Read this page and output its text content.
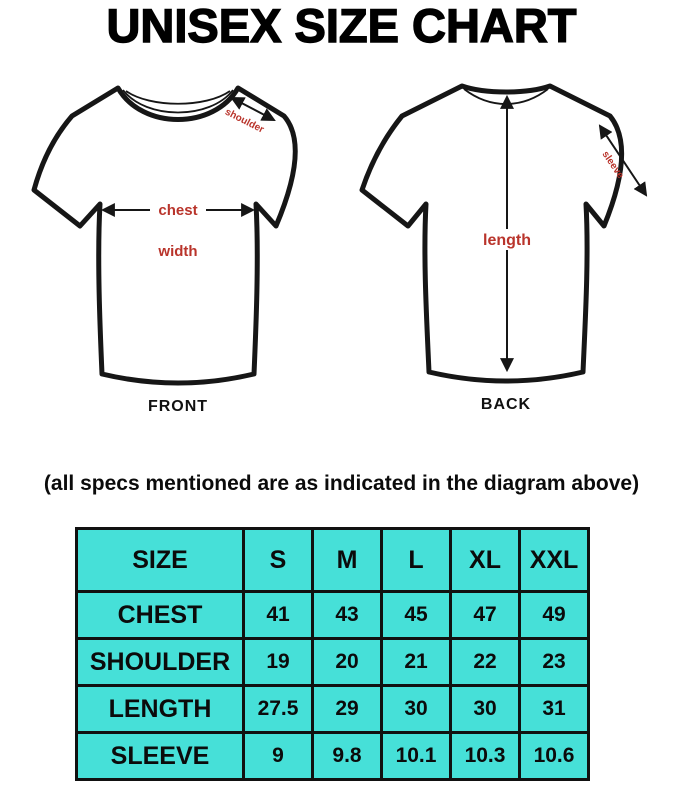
UNISEX SIZE CHART
shoulder
chest
width
length
sleeve
FRONT	BACK
(all specs mentioned are as indicated in the diagram above)
SIZE	S	M	L	XL	XXL
CHEST	41	43	45	47	49
SHOULDER	19	20	21	22	23
LENGTH	27.5	29	30	30	31
SLEEVE	9	9.8	10.1	10.3	10.6
